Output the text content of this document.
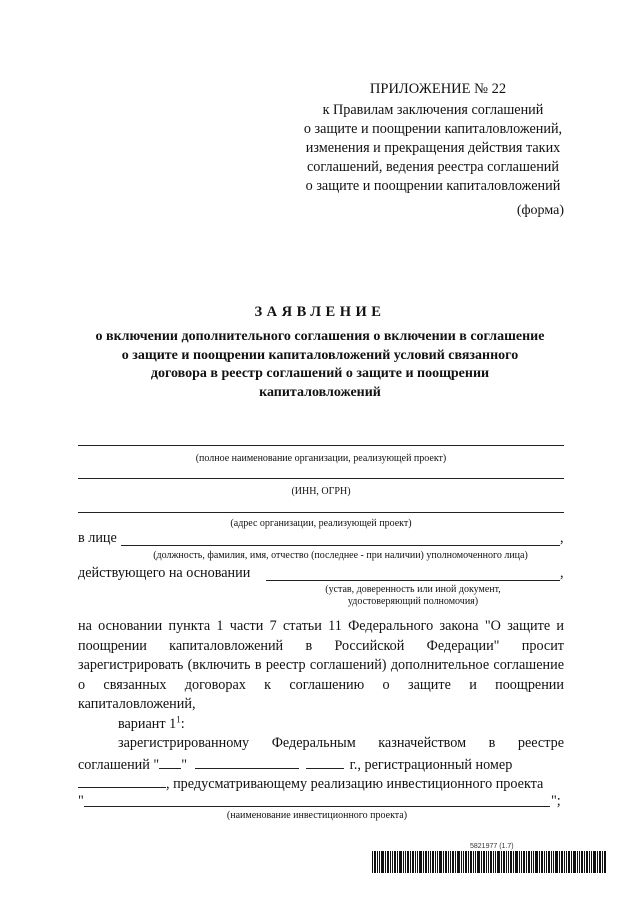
ПРИЛОЖЕНИЕ № 22
к Правилам заключения соглашений
о защите и поощрении капиталовложений,
изменения и прекращения действия таких
соглашений, ведения реестра соглашений
о защите и поощрении капиталовложений
(форма)
ЗАЯВЛЕНИЕ
о включении дополнительного соглашения о включении в соглашение
о защите и поощрении капиталовложений условий связанного
договора в реестр соглашений о защите и поощрении
капиталовложений
(полное наименование организации, реализующей проект)
(ИНН, ОГРН)
(адрес организации, реализующей проект)
в лице	,
(должность, фамилия, имя, отчество (последнее - при наличии) уполномоченного лица)
действующего на основании	,
(устав, доверенность или иной документ,
удостоверяющий полномочия)

на основании пункта 1 части 7 статьи 11 Федерального закона "О защите и поощрении капиталовложений в Российской Федерации" просит зарегистрировать (включить в реестр соглашений) дополнительное соглашение о связанных договорах к соглашению о защите и поощрении капиталовложений,

вариант 1$^1$:

зарегистрированному Федеральным казначейством в реестре
соглашений " "	г., регистрационный номер
, предусматривающему реализацию инвестиционного проекта
"	";
(наименование инвестиционного проекта)
5821977 (1.7)
